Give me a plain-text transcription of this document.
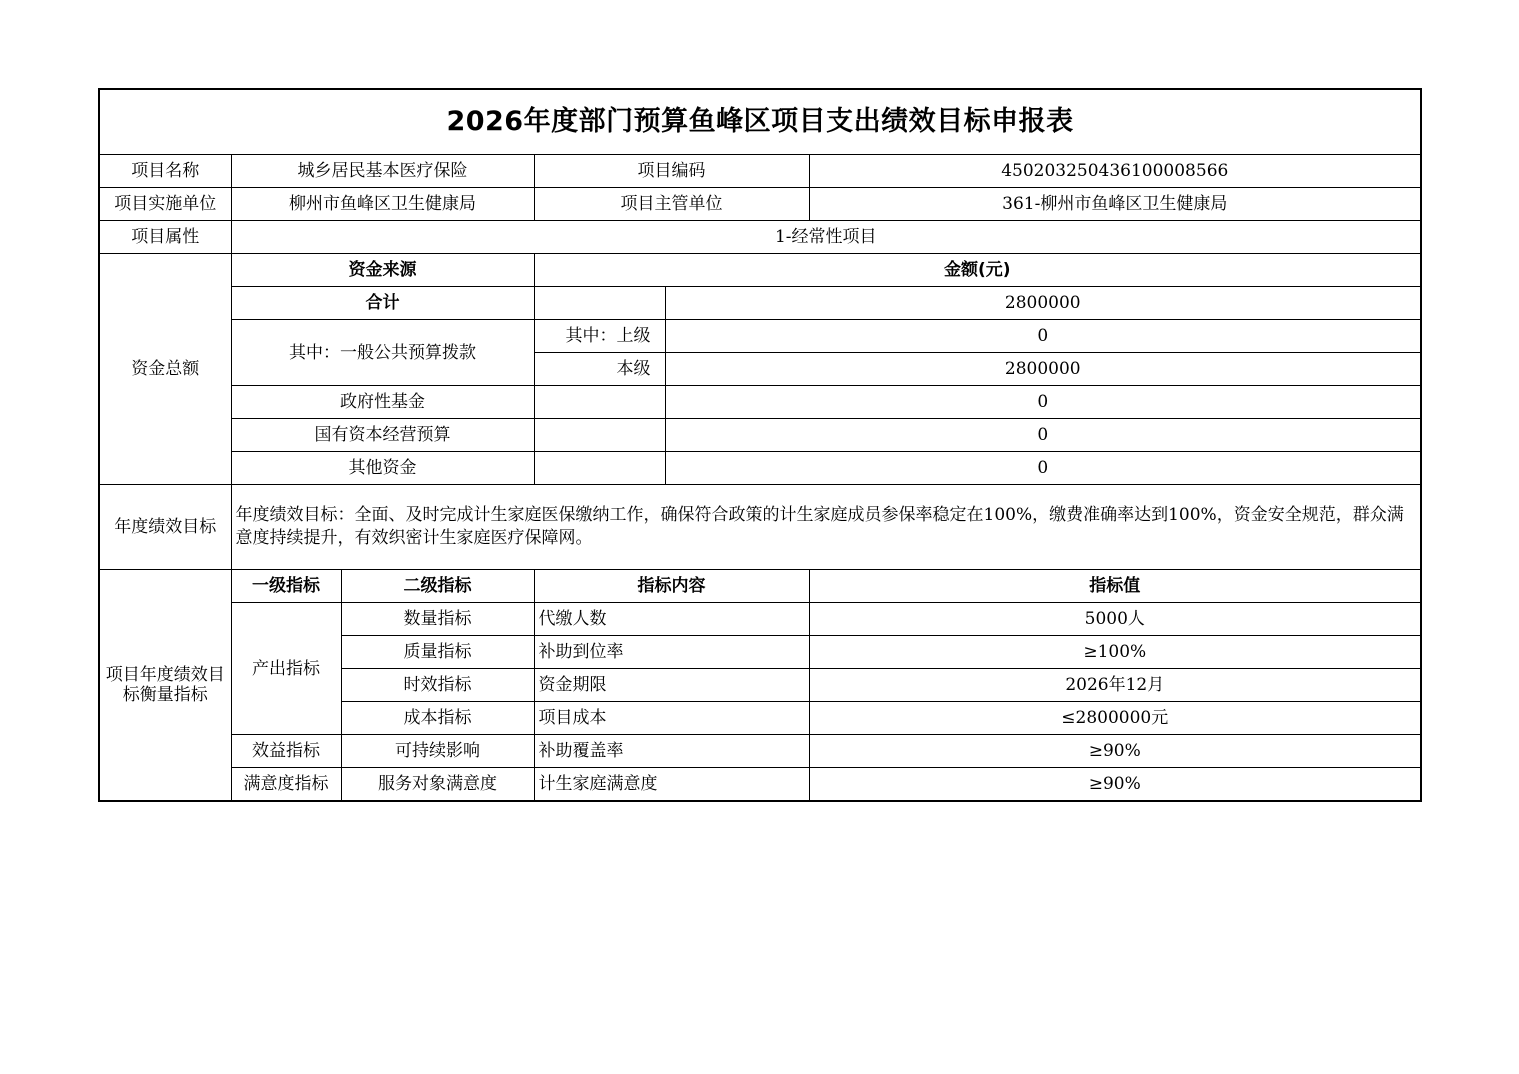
2026年度部门预算鱼峰区项目支出绩效目标申报表					
项目名称	城乡居民基本医疗保险		项目编码		450203250436100008566
项目实施单位	柳州市鱼峰区卫生健康局		项目主管单位		361-柳州市鱼峰区卫生健康局
项目属性	1-经常性项目				
资金总额	资金来源		金额(元)		
	合计			2800000	
	其中：一般公共预算拨款		其中：上级	0	
			本级	2800000	
	政府性基金			0	
	国有资本经营预算			0	
	其他资金			0	
年度绩效目标	年度绩效目标：全面、及时完成计生家庭医保缴纳工作，确保符合政策的计生家庭成员参保率稳定在100%，缴费准确率达到100%，资金安全规范，群众满意度持续提升，有效织密计生家庭医疗保障网。				
项目年度绩效目标衡量指标	一级指标	二级指标	指标内容		指标值
	产出指标	数量指标	代缴人数		5000人
		质量指标	补助到位率		≥100%
		时效指标	资金期限		2026年12月
		成本指标	项目成本		≤2800000元
	效益指标	可持续影响	补助覆盖率		≥90%
	满意度指标	服务对象满意度	计生家庭满意度		≥90%
